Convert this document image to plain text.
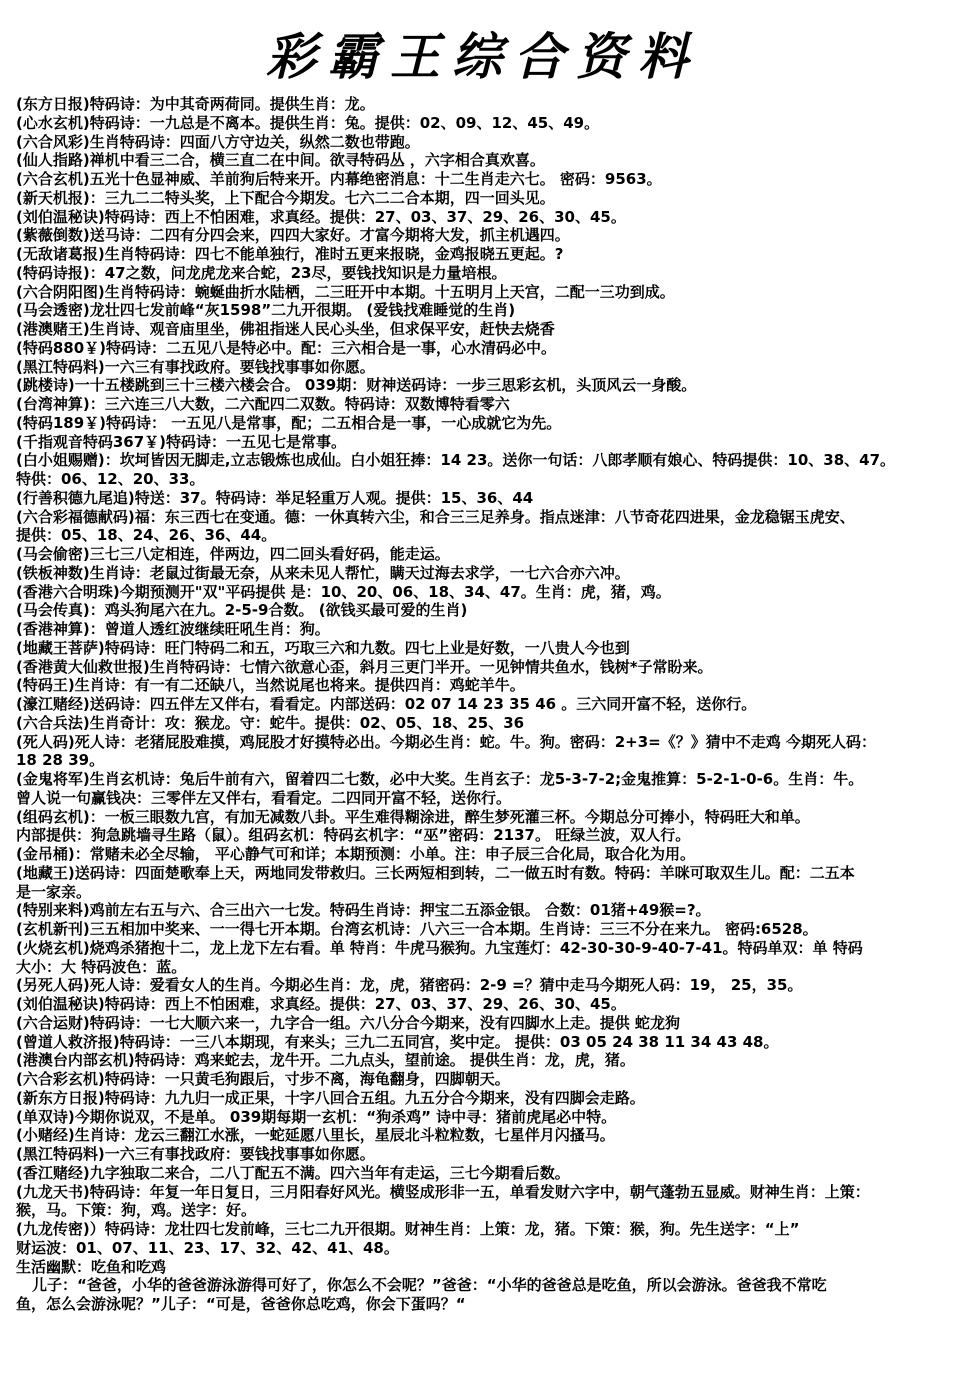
彩霸王综合资料
(东方日报)特码诗：为中其奇两荷同。提供生肖：龙。
(心水玄机)特码诗：一九总是不离本。提供生肖：兔。提供：02、09、12、45、49。
(六合风彩)生肖特码诗：四面八方守边关，纵然二数也带跑。
(仙人指路)禅机中看三二合，横三直二在中间。欲寻特码丛 ，六字相合真欢喜。
(六合玄机)五光十色显神威、羊前狗后特来开。内幕绝密消息：十二生肖走六七。 密码：9563。
(新天机报)：三九二二特头奖，上下配合今期发。七六二二合本期，四一回头见。
(刘伯温秘诀)特码诗：西上不怕困难，求真经。提供：27、03、37、29、26、30、45。
(紫薇倒数)送马诗：二四有分四会来，四四大家好。才富今期将大发，抓主机遇四。
(无敌诸葛报)生肖特码诗：四七不能单独行，准时五更来报晓，金鸡报晓五更起。?
(特码诗报)：47之数，问龙虎龙来合蛇，23尽，要钱找知识是力量培根。
(六合阴阳图)生肖特码诗：蜿蜒曲折水陆栖，二三旺开中本期。十五明月上天宫，二配一三功到成。
(马会透密)龙壮四七发前峰“灰1598”二九开很期。 (爱钱找难睡觉的生肖)
(港澳赌王)生肖诗、观音庙里坐，佛祖指迷人民心头坐，但求保平安，赶快去烧香
(特码880￥)特码诗：二五见八是特必中。配：三六相合是一事，心水清码必中。
(黑江特码料)一六三有事找政府。要钱找事事如你愿。
(跳楼诗)一十五楼跳到三十三楼六楼会合。 039期：财神送码诗：一步三思彩玄机，头顶风云一身酸。
(台湾神算)：三六连三八大数，二六配四二双数。特码诗：双数博特看零六
(特码189￥)特码诗： 一五见八是常事，配；二五相合是一事，一心成就它为先。
(千指观音特码367￥)特码诗：一五见七是常事。
(白小姐赐赠)：坎坷皆因无脚走,立志锻炼也成仙。白小姐狂捧：14 23。送你一句话：八郎孝顺有娘心、特码提供：10、38、47。
特供：06、12、20、33。
(行善积德九尾追)特送：37。特码诗：举足轻重万人观。提供：15、36、44
(六合彩福德献码)福：东三西七在变通。德：一休真转六尘，和合三三足养身。指点迷津：八节奇花四进果，金龙稳锯玉虎安、
提供：05、18、24、26、36、44。
(马会偷密)三七三八定相连，伴两边，四二回头看好码，能走运。
(铁板神数)生肖诗：老鼠过街最无奈，从来未见人帮忙，瞒天过海去求学，一七六合亦六冲。
(香港六合明珠)今期预测开"双"平码提供 是：10、20、06、18、34、47。生肖：虎，猪，鸡。
(马会传真)：鸡头狗尾六在九。2-5-9合数。 (欲钱买最可爱的生肖)
(香港神算)：曾道人透红波继续旺吼生肖：狗。
(地藏王菩萨)特码诗：旺门特码二和五，巧取三六和九数。四七上业是好数，一八贵人今也到
(香港黄大仙救世报)生肖特码诗：七情六欲意心歪，斜月三更门半开。一见钟情共鱼水，钱树*子常盼来。
(特码王)生肖诗：有一有二还缺八，当然说尾也将来。提供四肖：鸡蛇羊牛。
(濠江赌经)送码诗：四五伴左又伴右，看看定。内部送码：02 07 14 23 35 46 。三六同开富不轻，送你行。
(六合兵法)生肖奇计：攻：猴龙。守：蛇牛。提供：02、05、18、25、36
(死人码)死人诗：老猪屁股难摸，鸡屁股才好摸特必出。今期必生肖：蛇。牛。狗。密码：2+3=《？》猜中不走鸡 今期死人码：
18 28 39。
(金鬼将军)生肖玄机诗：兔后牛前有六，留着四二七数，必中大奖。生肖玄子：龙5-3-7-2;金鬼推算：5-2-1-0-6。生肖：牛。
曾人说一句赢钱决：三零伴左又伴右，看看定。二四同开富不轻，送你行。
(组码玄机)：一板三眼数九宫，有加无减数八卦。平生难得糊涂进，醉生梦死灌三杯。今期总分可捧小，特码旺大和单。
内部提供：狗急跳墙寻生路（鼠）。组码玄机：特码玄机字：“巫”密码：2137。 旺绿兰波，双人行。
(金吊桶)：常赌未必全尽输， 平心静气可和详；本期预测：小单。注：申子辰三合化局，取合化为用。
(地藏王)送码诗：四面楚歌奉上天，两地同发带救归。三长两短相到转，二一做五时有数。特码：羊咪可取双生儿。配：二五本
是一家亲。
(特别来料)鸡前左右五与六、合三出六一七发。特码生肖诗：押宝二五添金银。 合数：01猪+49猴=?。
(玄机新刊)三五相加中奖来、一一得七开本期。台湾玄机诗：八六三一合本期。生肖诗：三三不分在来九。 密码:6528。
(火烧玄机)烧鸡杀猪抱十二，龙上龙下左右看。单 特肖：牛虎马猴狗。九宝莲灯：42-30-30-9-40-7-41。特码单双：单 特码
大小：大 特码波色：蓝。
(另死人码)死人诗：爱看女人的生肖。今期必生肖：龙，虎，猪密码：2-9 =？猜中走马今期死人码：19， 25，35。
(刘伯温秘诀)特码诗：西上不怕困难，求真经。提供：27、03、37、29、26、30、45。
(六合运财)特码诗：一七大顺六来一，九字合一组。六八分合今期来，没有四脚水上走。提供 蛇龙狗
(曾道人救济报)特码诗：一三八本期现，有来头；三九二五同宫，奖中定。 提供：03 05 24 38 11 34 43 48。
(港澳台内部玄机)特码诗：鸡来蛇去，龙牛开。二九点头，望前途。 提供生肖：龙，虎，猪。
(六合彩玄机)特码诗：一只黄毛狗跟后，寸步不离，海龟翻身，四脚朝天。
(新东方日报)特码诗：九九归一成正果，十字八回合五组。九五分合今期来，没有四脚会走路。
(单双诗)今期你说双，不是单。 039期每期一玄机：“狗杀鸡” 诗中寻：猪前虎尾必中特。
(小赌经)生肖诗：龙云三翻江水涨，一蛇延愿八里长，星辰北斗粒粒数，七星伴月闪搔马。
(黑江特码料)一六三有事找政府：要钱找事事如你愿。
(香江赌经)九字独取二来合，二八丁配五不满。四六当年有走运，三七今期看后数。
(九龙天书)特码诗：年复一年日复日，三月阳春好风光。横竖成形非一五，单看发财六字中，朝气蓬勃五显威。财神生肖：上策：
猴，马。下策：狗，鸡。送字：好。
(九龙传密)）特码诗：龙壮四七发前峰，三七二九开很期。财神生肖：上策：龙，猪。下策：猴，狗。先生送字：“上”
财运波：01、07、11、23、17、32、42、41、48。
生活幽默：吃鱼和吃鸡
儿子：“爸爸，小华的爸爸游泳游得可好了，你怎么不会呢？”爸爸：“小华的爸爸总是吃鱼，所以会游泳。爸爸我不常吃
鱼，怎么会游泳呢？”儿子：“可是，爸爸你总吃鸡，你会下蛋吗？“
